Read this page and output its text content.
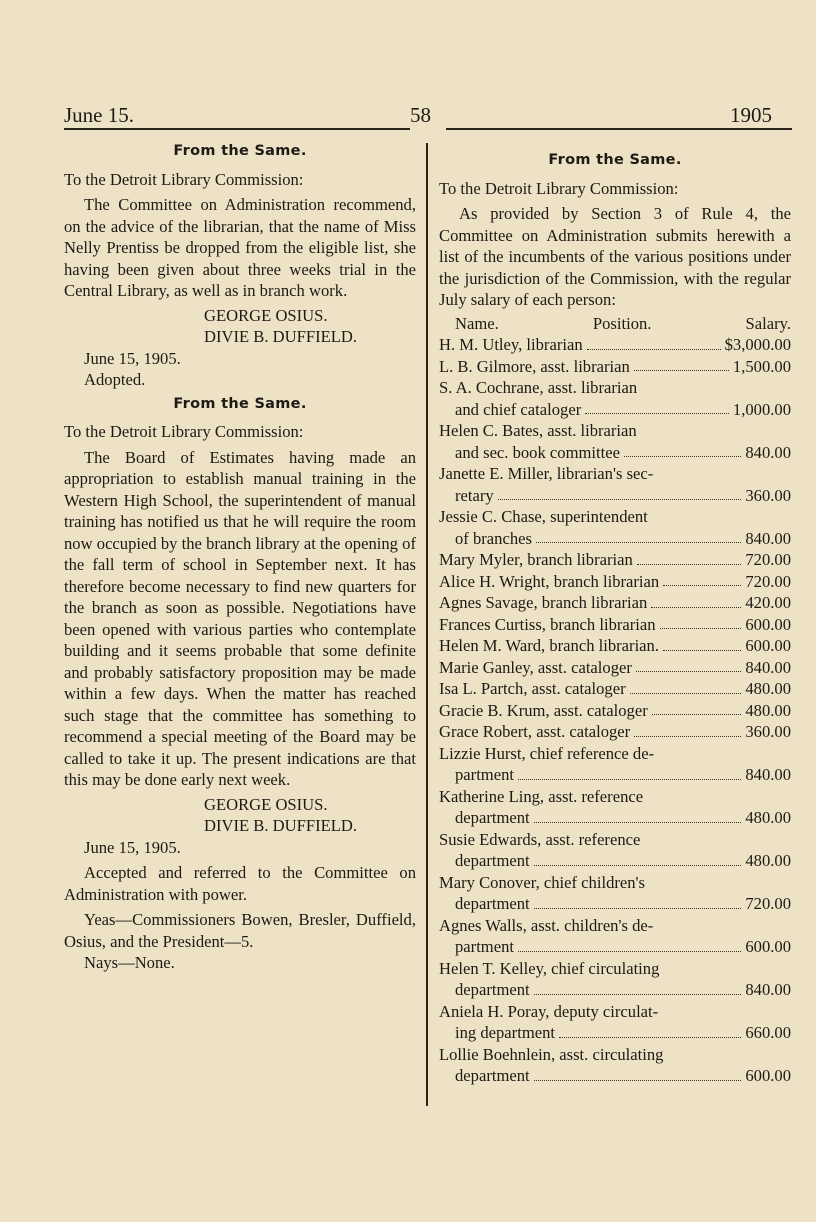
June 15.	58	1905
From the Same.
To the Detroit Library Commission:
The Committee on Administration recommend, on the advice of the librarian, that the name of Miss Nelly Prentiss be dropped from the eligible list, she having been given about three weeks trial in the Central Library, as well as in branch work.
GEORGE OSIUS.
DIVIE B. DUFFIELD.
June 15, 1905.
Adopted.
From the Same.
To the Detroit Library Commission:
The Board of Estimates having made an appropriation to establish manual training in the Western High School, the superintendent of manual training has notified us that he will require the room now occupied by the branch library at the opening of the fall term of school in September next. It has therefore become necessary to find new quarters for the branch as soon as possible. Negotiations have been opened with various parties who contemplate building and it seems probable that some definite and probably satisfactory proposition may be made within a few days. When the matter has reached such stage that the committee has something to recommend a special meeting of the Board may be called to take it up. The present indications are that this may be done early next week.
GEORGE OSIUS.
DIVIE B. DUFFIELD.
June 15, 1905.
Accepted and referred to the Committee on Administration with power.
Yeas—Commissioners Bowen, Bresler, Duffield, Osius, and the President—5.
Nays—None.
From the Same.
To the Detroit Library Commission:
As provided by Section 3 of Rule 4, the Committee on Administration submits herewith a list of the incumbents of the various positions under the jurisdiction of the Commission, with the regular July salary of each person:
Name.	Position.	Salary.
H. M. Utley, librarian	$3,000.00
L. B. Gilmore, asst. librarian	1,500.00
S. A. Cochrane, asst. librarian
and chief cataloger	1,000.00
Helen C. Bates, asst. librarian
and sec. book committee	840.00
Janette E. Miller, librarian's sec-
retary	360.00
Jessie C. Chase, superintendent
of branches	840.00
Mary Myler, branch librarian	720.00
Alice H. Wright, branch librarian	720.00
Agnes Savage, branch librarian	420.00
Frances Curtiss, branch librarian	600.00
Helen M. Ward, branch librarian.	600.00
Marie Ganley, asst. cataloger	840.00
Isa L. Partch, asst. cataloger	480.00
Gracie B. Krum, asst. cataloger	480.00
Grace Robert, asst. cataloger	360.00
Lizzie Hurst, chief reference de-
partment	840.00
Katherine Ling, asst. reference
department	480.00
Susie Edwards, asst. reference
department	480.00
Mary Conover, chief children's
department	720.00
Agnes Walls, asst. children's de-
partment	600.00
Helen T. Kelley, chief circulating
department	840.00
Aniela H. Poray, deputy circulat-
ing department	660.00
Lollie Boehnlein, asst. circulating
department	600.00
